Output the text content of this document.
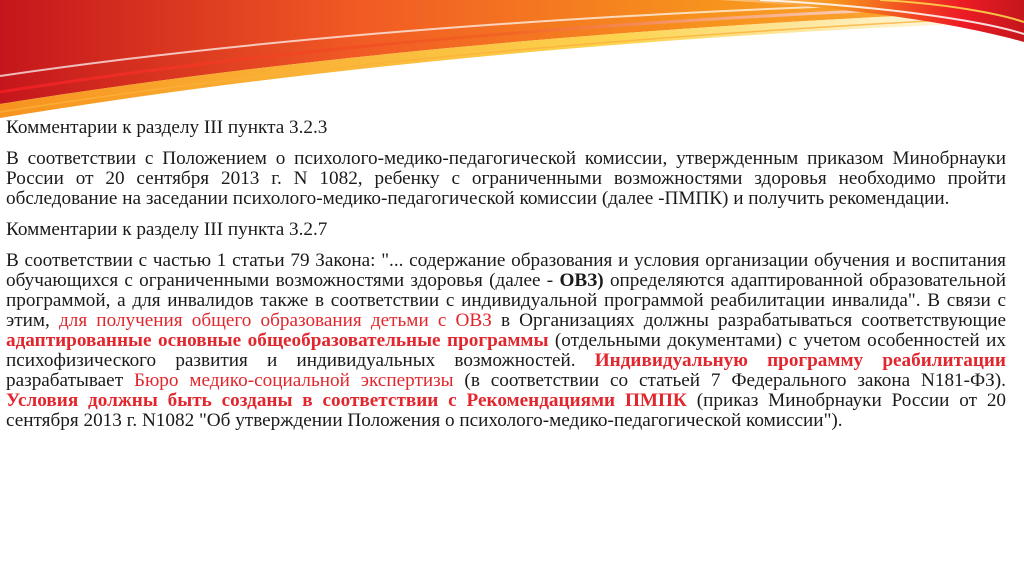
Комментарии к разделу III пункта 3.2.3

В соответствии с Положением о психолого-медико-педагогической комиссии, утвержденным приказом Минобрнауки России от 20 сентября 2013 г. N 1082, ребенку с ограниченными возможностями здоровья необходимо пройти обследование на заседании психолого-медико-педагогической комиссии (далее -ПМПК) и получить рекомендации.

Комментарии к разделу III пункта 3.2.7

В соответствии с частью 1 статьи 79 Закона: "... содержание образования и условия организации обучения и воспитания обучающихся с ограниченными возможностями здоровья (далее - ОВЗ) определяются адаптированной образовательной программой, а для инвалидов также в соответствии с индивидуальной программой реабилитации инвалида". В связи с этим, для получения общего образования детьми с ОВЗ в Организациях должны разрабатываться соответствующие адаптированные основные общеобразовательные программы (отдельными документами) с учетом особенностей их психофизического развития и индивидуальных возможностей. Индивидуальную программу реабилитации разрабатывает Бюро медико-социальной экспертизы (в соответствии со статьей 7 Федерального закона N181-ФЗ). Условия должны быть созданы в соответствии с Рекомендациями ПМПК (приказ Минобрнауки России от 20 сентября 2013 г. N1082 "Об утверждении Положения о психолого-медико-педагогической комиссии").
